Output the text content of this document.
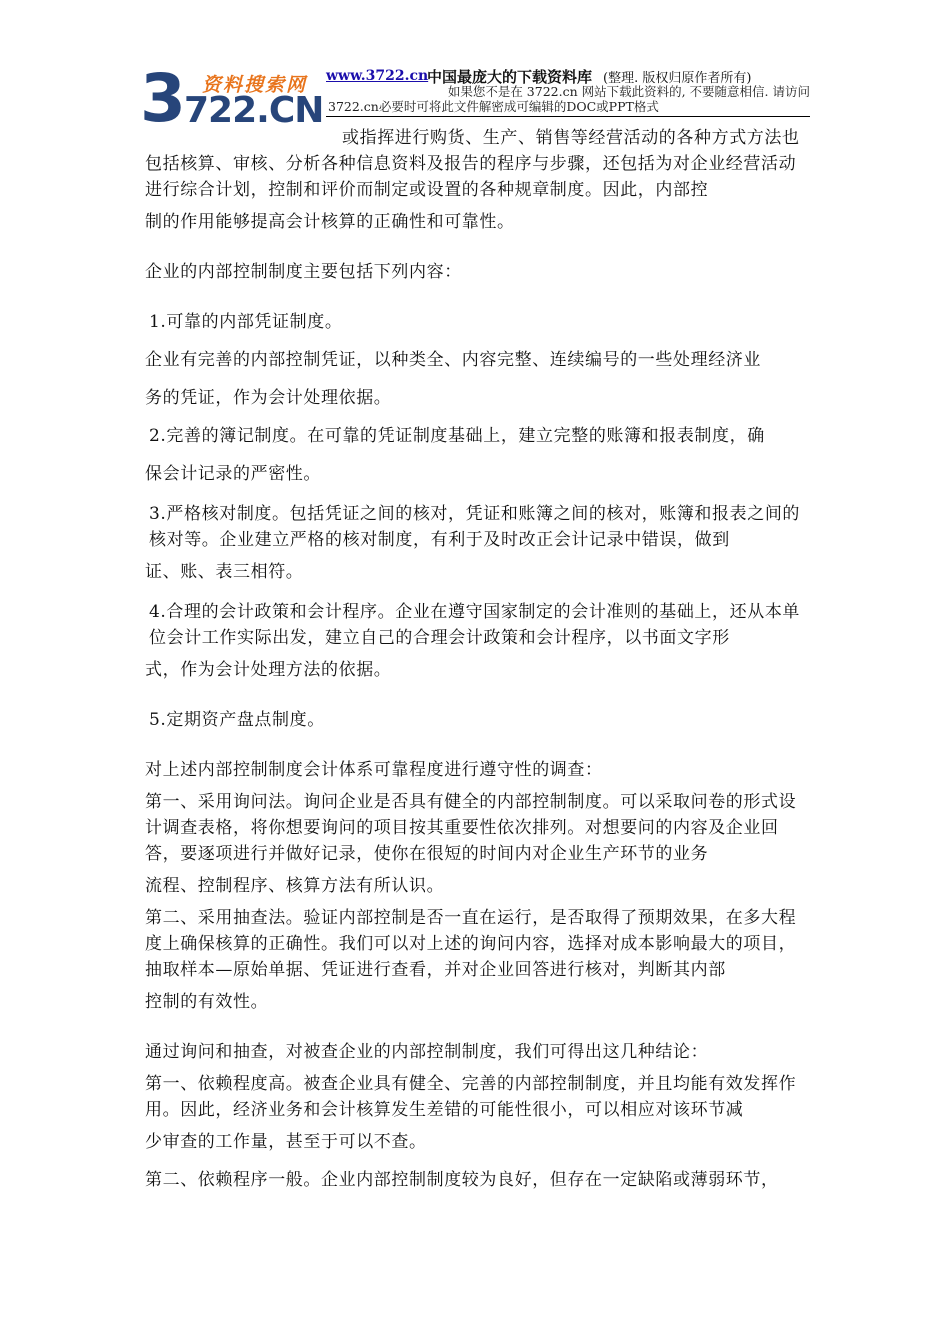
3 722.CN
资料搜索网 www.3722.cn
中国最庞大的下载资料库 (整理. 版权归原作者所有)
如果您不是在 3722.cn 网站下载此资料的, 不要随意相信. 请访问
3722.cn必要时可将此文件解密成可编辑的DOC或PPT格式

或指挥进行购货、生产、销售等经营活动的各种方式方法也包括核算、审核、分析各种信息资料及报告的程序与步骤，还包括为对企业经营活动进行综合计划，控制和评价而制定或设置的各种规章制度。因此，内部控

制的作用能够提高会计核算的正确性和可靠性。

企业的内部控制制度主要包括下列内容：

1.可靠的内部凭证制度。

企业有完善的内部控制凭证，以种类全、内容完整、连续编号的一些处理经济业

务的凭证，作为会计处理依据。

2.完善的簿记制度。在可靠的凭证制度基础上，建立完整的账簿和报表制度，确

保会计记录的严密性。

3.严格核对制度。包括凭证之间的核对，凭证和账簿之间的核对，账簿和报表之间的核对等。企业建立严格的核对制度，有利于及时改正会计记录中错误，做到

证、账、表三相符。

4.合理的会计政策和会计程序。企业在遵守国家制定的会计准则的基础上，还从本单位会计工作实际出发，建立自己的合理会计政策和会计程序，以书面文字形

式，作为会计处理方法的依据。

5.定期资产盘点制度。

对上述内部控制制度会计体系可靠程度进行遵守性的调查：

第一、采用询问法。询问企业是否具有健全的内部控制制度。可以采取问卷的形式设计调查表格，将你想要询问的项目按其重要性依次排列。对想要问的内容及企业回答，要逐项进行并做好记录，使你在很短的时间内对企业生产环节的业务

流程、控制程序、核算方法有所认识。

第二、采用抽查法。验证内部控制是否一直在运行，是否取得了预期效果，在多大程度上确保核算的正确性。我们可以对上述的询问内容，选择对成本影响最大的项目，抽取样本—原始单据、凭证进行查看，并对企业回答进行核对，判断其内部

控制的有效性。

通过询问和抽查，对被查企业的内部控制制度，我们可得出这几种结论：

第一、依赖程度高。被查企业具有健全、完善的内部控制制度，并且均能有效发挥作用。因此，经济业务和会计核算发生差错的可能性很小，可以相应对该环节减

少审查的工作量，甚至于可以不查。

第二、依赖程序一般。企业内部控制制度较为良好，但存在一定缺陷或薄弱环节，
